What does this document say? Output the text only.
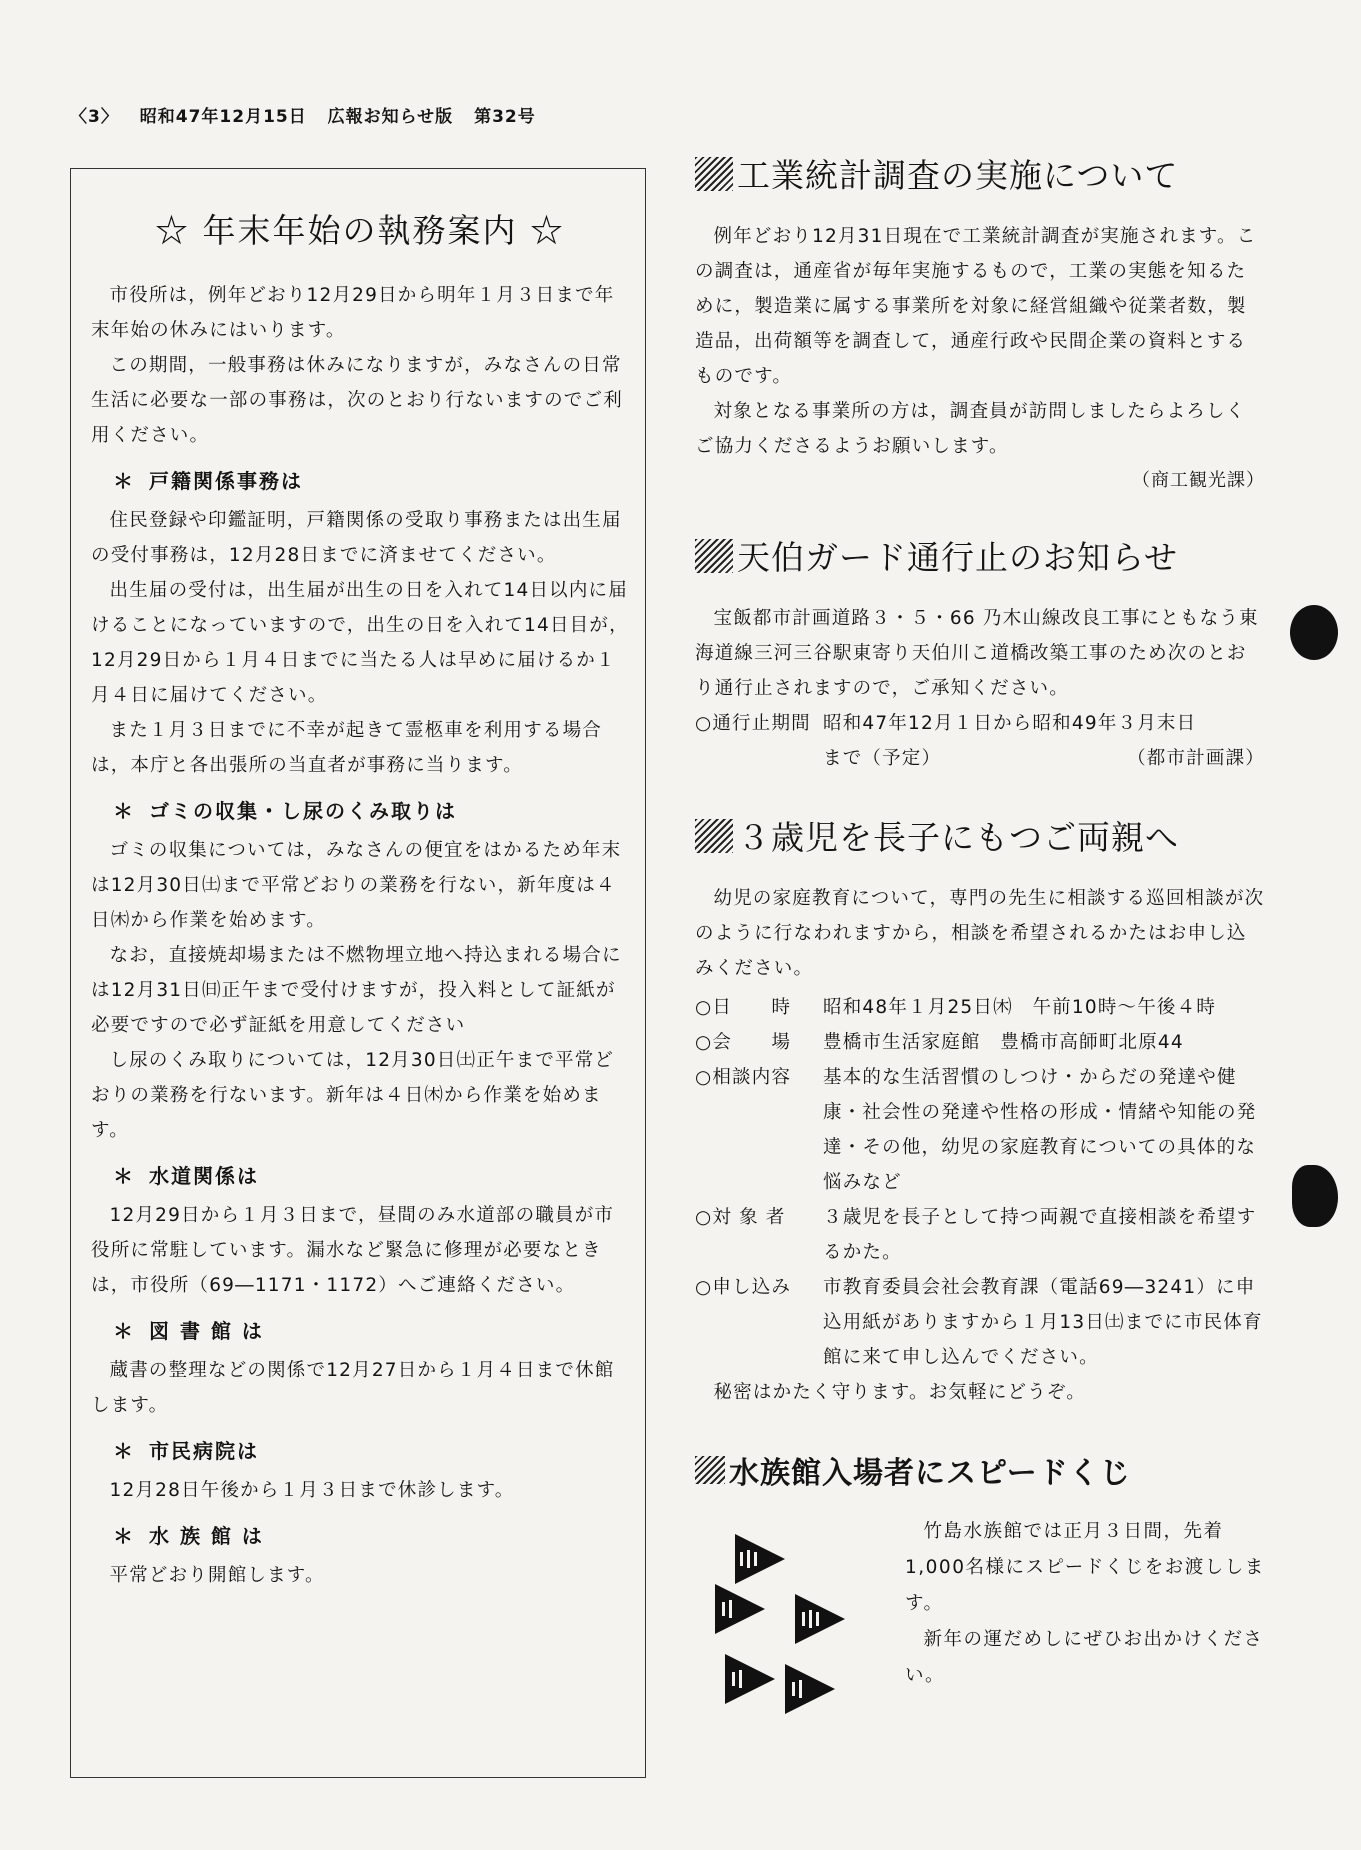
〈3〉 昭和47年12月15日 広報お知らせ版 第32号
☆ 年末年始の執務案内 ☆

市役所は，例年どおり12月29日から明年１月３日まで年末年始の休みにはいります。

この期間，一般事務は休みになりますが，みなさんの日常生活に必要な一部の事務は，次のとおり行ないますのでご利用ください。

＊ 戸籍関係事務は

住民登録や印鑑証明，戸籍関係の受取り事務または出生届の受付事務は，12月28日までに済ませてください。

出生届の受付は，出生届が出生の日を入れて14日以内に届けることになっていますので，出生の日を入れて14日目が，12月29日から１月４日までに当たる人は早めに届けるか１月４日に届けてください。

また１月３日までに不幸が起きて霊柩車を利用する場合は，本庁と各出張所の当直者が事務に当ります。

＊ ゴミの収集・し尿のくみ取りは

ゴミの収集については，みなさんの便宜をはかるため年末は12月30日㈯まで平常どおりの業務を行ない，新年度は４日㈭から作業を始めます。

なお，直接焼却場または不燃物埋立地へ持込まれる場合には12月31日㈰正午まで受付けますが，投入料として証紙が必要ですので必ず証紙を用意してください

し尿のくみ取りについては，12月30日㈯正午まで平常どおりの業務を行ないます。新年は４日㈭から作業を始めます。

＊ 水道関係は

12月29日から１月３日まで，昼間のみ水道部の職員が市役所に常駐しています。漏水など緊急に修理が必要なときは，市役所（69―1171・1172）へご連絡ください。

＊ 図 書 館 は

蔵書の整理などの関係で12月27日から１月４日まで休館します。

＊ 市民病院は

12月28日午後から１月３日まで休診します。

＊ 水 族 館 は

平常どおり開館します。

工業統計調査の実施について

例年どおり12月31日現在で工業統計調査が実施されます。この調査は，通産省が毎年実施するもので，工業の実態を知るために，製造業に属する事業所を対象に経営組織や従業者数，製造品，出荷額等を調査して，通産行政や民間企業の資料とするものです。

対象となる事業所の方は，調査員が訪問しましたらよろしくご協力くださるようお願いします。

（商工観光課）
天伯ガード通行止のお知らせ

宝飯都市計画道路３・５・66 乃木山線改良工事にともなう東海道線三河三谷駅東寄り天伯川こ道橋改築工事のため次のとおり通行止されますので，ご承知ください。

○通行止期間 昭和47年12月１日から昭和49年３月末日
まで（予定）	（都市計画課）
３歳児を長子にもつご両親へ

幼児の家庭教育について，専門の先生に相談する巡回相談が次のように行なわれますから，相談を希望されるかたはお申し込みください。

○日　　時	昭和48年１月25日㈭　午前10時～午後４時
○会　　場	豊橋市生活家庭館　豊橋市高師町北原44
○相談内容	基本的な生活習慣のしつけ・からだの発達や健康・社会性の発達や性格の形成・情緒や知能の発達・その他，幼児の家庭教育についての具体的な悩みなど
○対 象 者	３歳児を長子として持つ両親で直接相談を希望するかた。
○申し込み	市教育委員会社会教育課（電話69―3241）に申込用紙がありますから１月13日㈯までに市民体育館に来て申し込んでください。

秘密はかたく守ります。お気軽にどうぞ。

水族館入場者にスピードくじ

竹島水族館では正月３日間，先着1,000名様にスピードくじをお渡しします。

新年の運だめしにぜひお出かけください。
